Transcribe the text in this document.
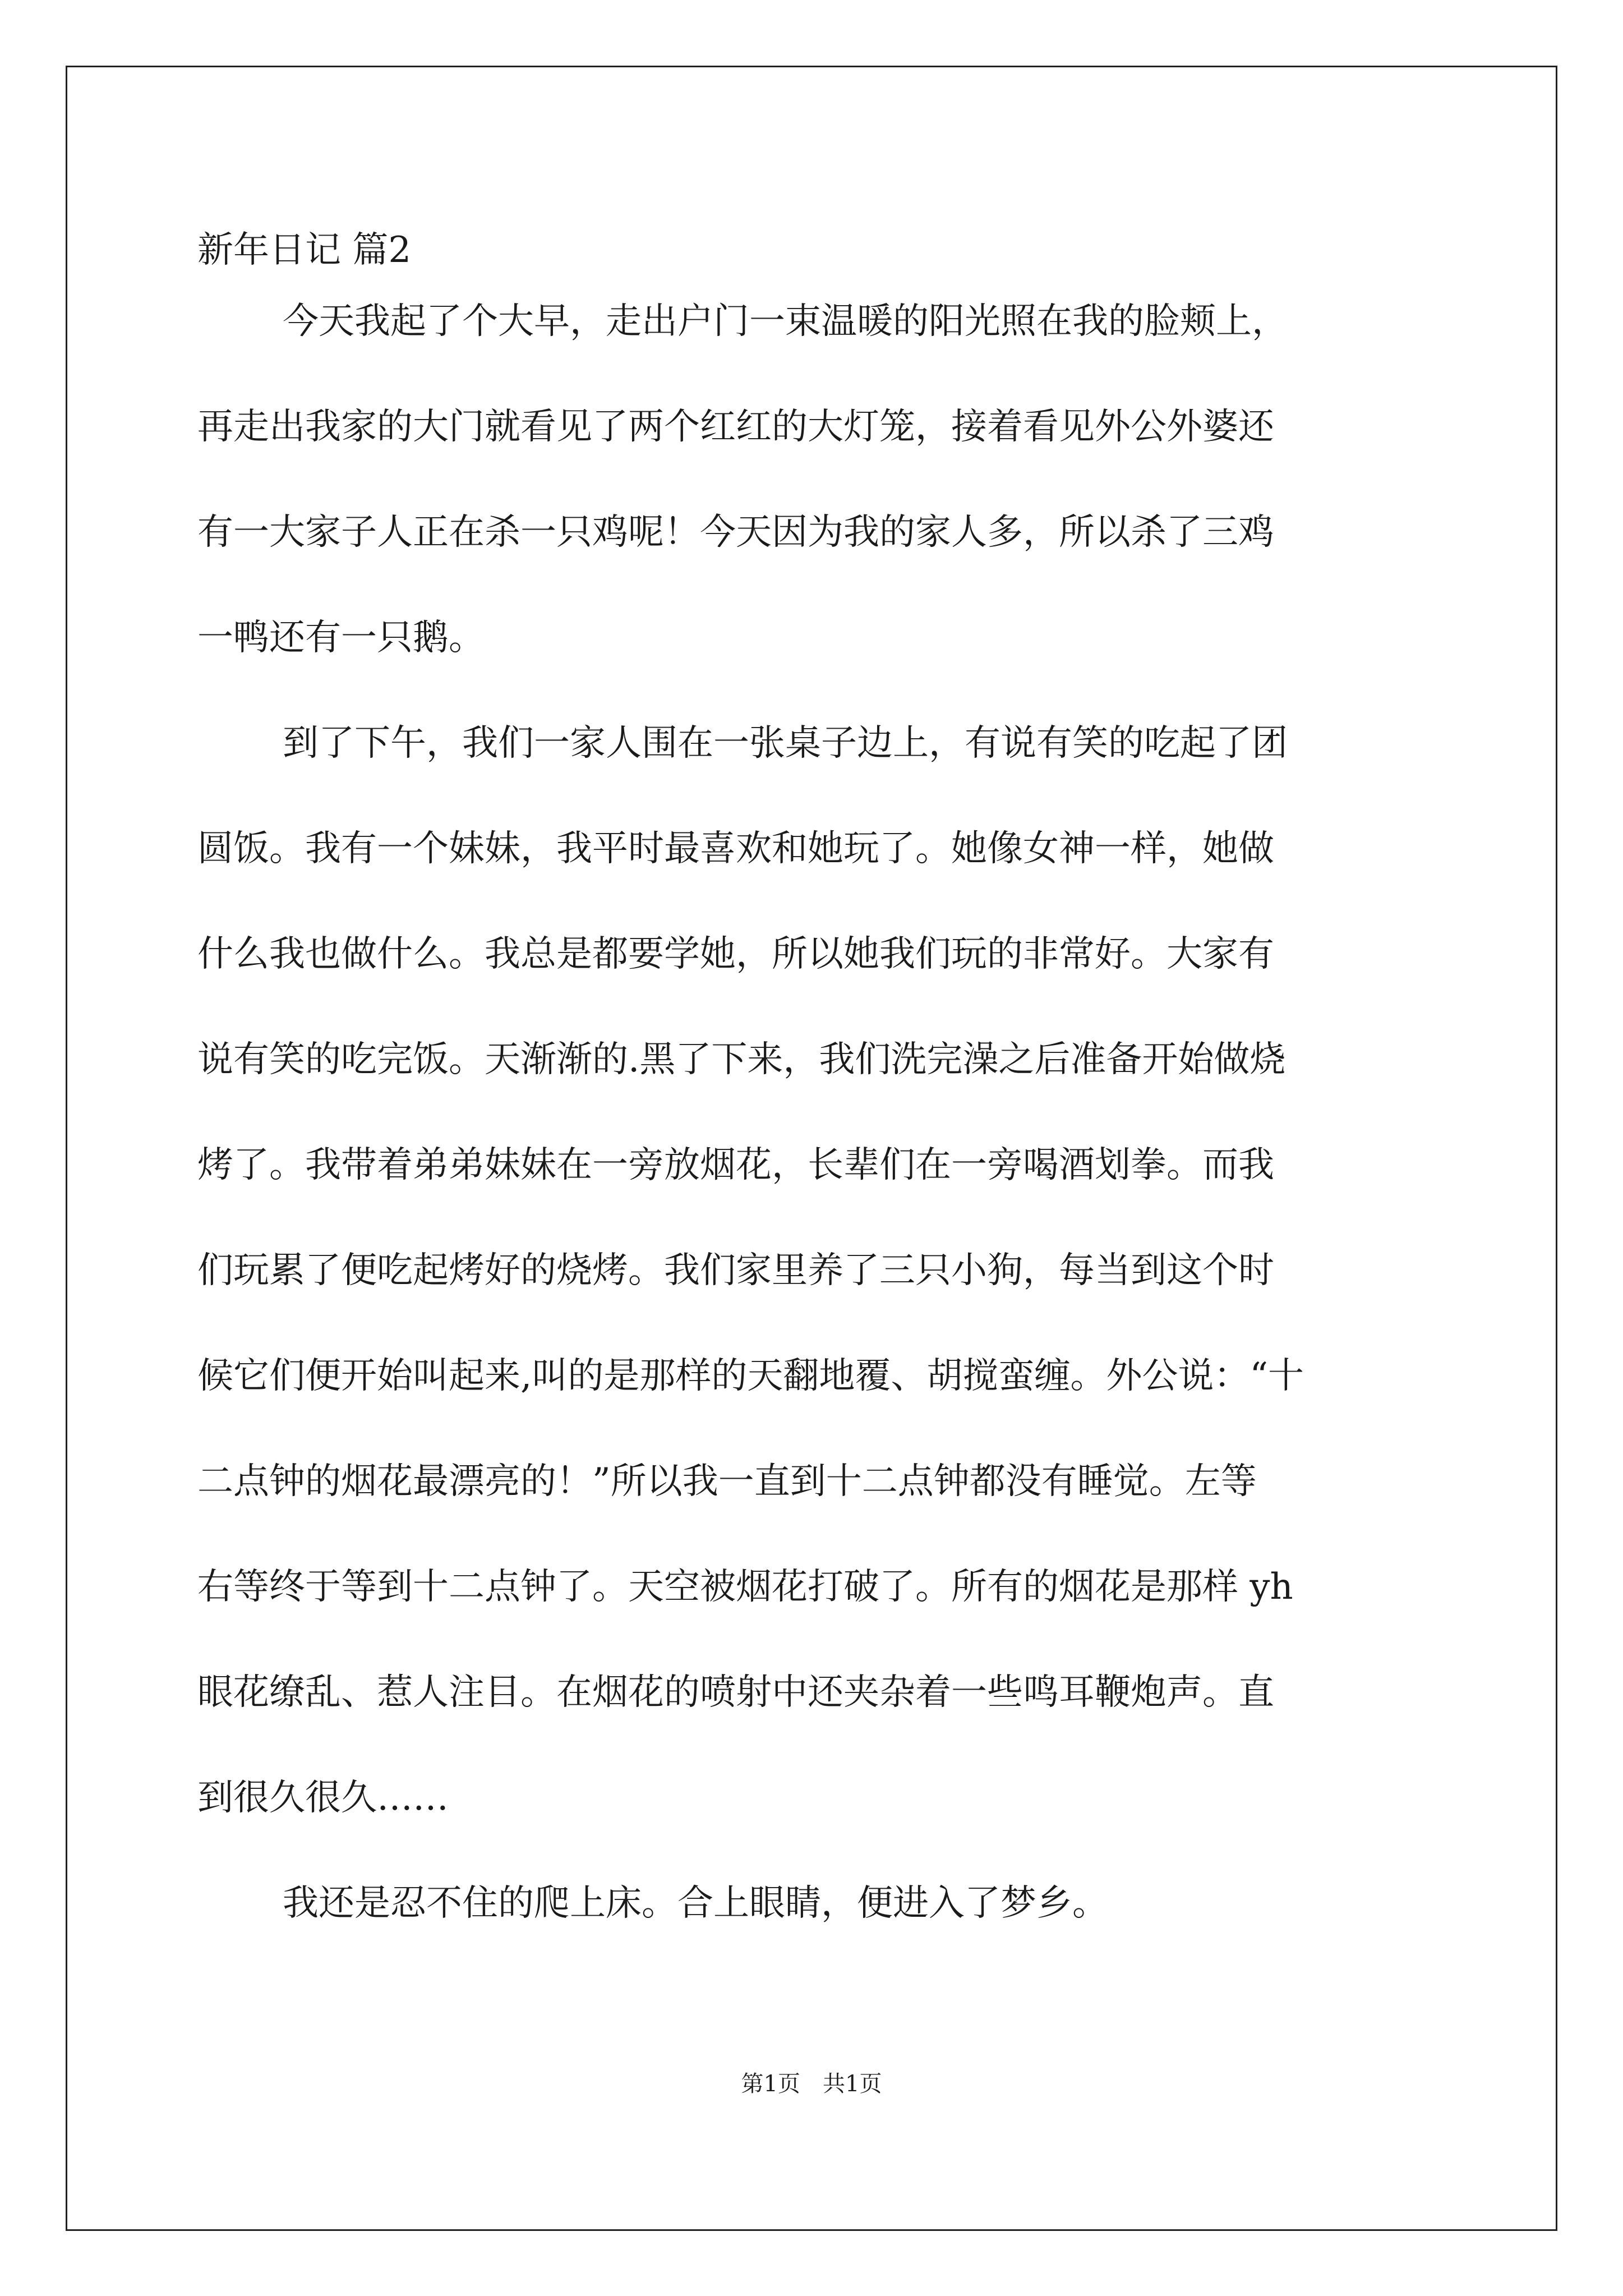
新年日记 篇2
今天我起了个大早，走出户门一束温暖的阳光照在我的脸颊上，
再走出我家的大门就看见了两个红红的大灯笼，接着看见外公外婆还
有一大家子人正在杀一只鸡呢！今天因为我的家人多，所以杀了三鸡
一鸭还有一只鹅。
到了下午，我们一家人围在一张桌子边上，有说有笑的吃起了团
圆饭。我有一个妹妹，我平时最喜欢和她玩了。她像女神一样，她做
什么我也做什么。我总是都要学她，所以她我们玩的非常好。大家有
说有笑的吃完饭。天渐渐的.黑了下来，我们洗完澡之后准备开始做烧
烤了。我带着弟弟妹妹在一旁放烟花，长辈们在一旁喝酒划拳。而我
们玩累了便吃起烤好的烧烤。我们家里养了三只小狗，每当到这个时
候它们便开始叫起来,叫的是那样的天翻地覆、胡搅蛮缠。外公说：“十
二点钟的烟花最漂亮的！”所以我一直到十二点钟都没有睡觉。左等
右等终于等到十二点钟了。天空被烟花打破了。所有的烟花是那样 yh
眼花缭乱、惹人注目。在烟花的喷射中还夹杂着一些鸣耳鞭炮声。直
到很久很久……
我还是忍不住的爬上床。合上眼睛，便进入了梦乡。
第1页　共1页
